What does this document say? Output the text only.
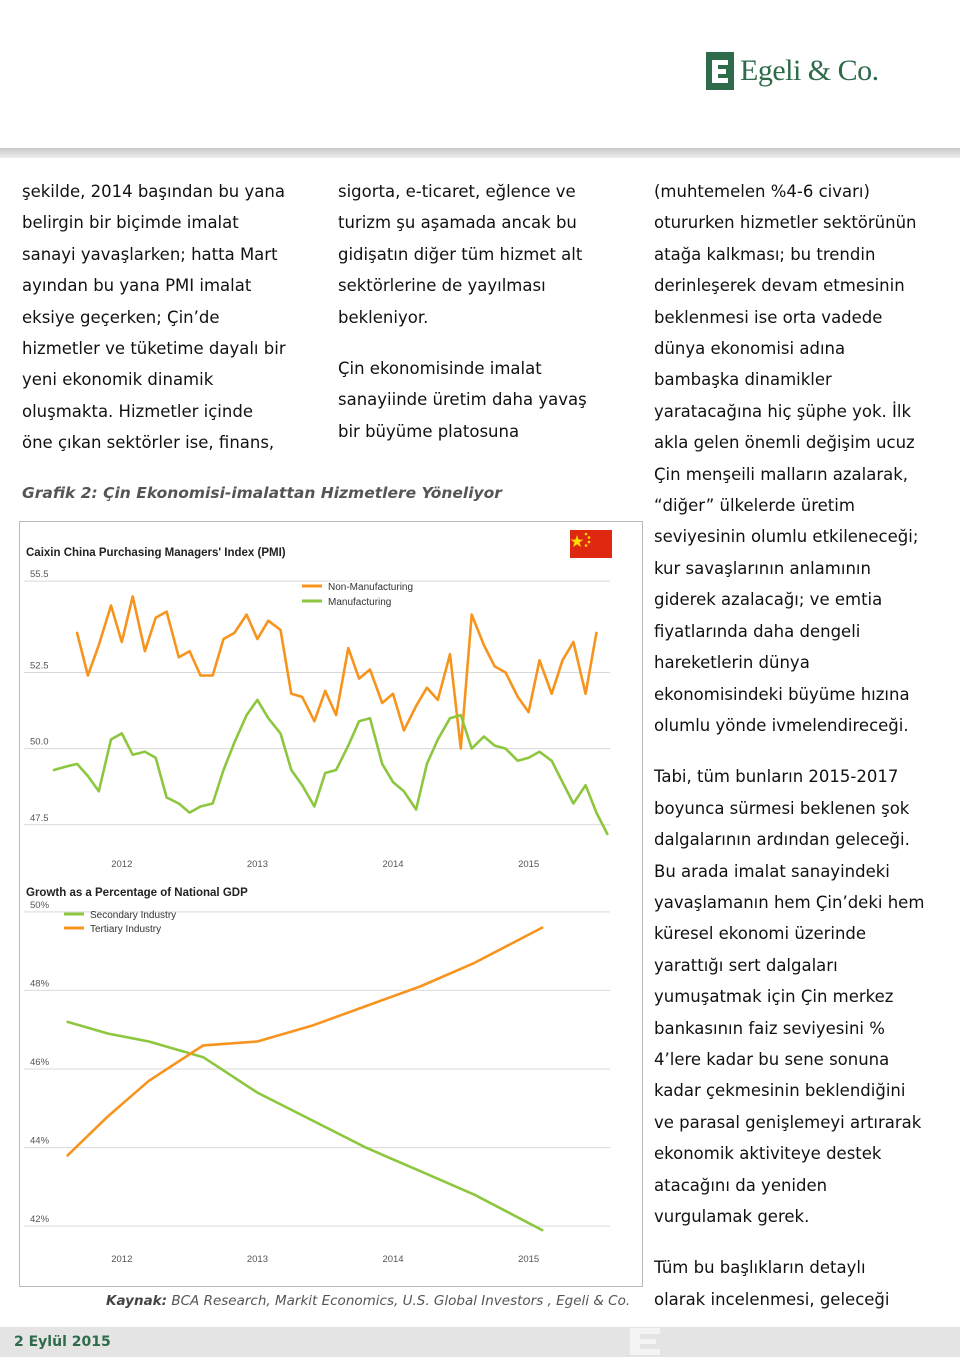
Egeli & Co.

şekilde, 2014 başından bu yana
belirgin bir biçimde imalat
sanayi yavaşlarken; hatta Mart
ayından bu yana PMI imalat
eksiye geçerken; Çin’de
hizmetler ve tüketime dayalı bir
yeni ekonomik dinamik
oluşmakta. Hizmetler içinde
öne çıkan sektörler ise, finans,

sigorta, e-ticaret, eğlence ve
turizm şu aşamada ancak bu
gidişatın diğer tüm hizmet alt
sektörlerine de yayılması
bekleniyor.

Çin ekonomisinde imalat
sanayiinde üretim daha yavaş
bir büyüme platosuna

(muhtemelen %4-6 civarı)
otururken hizmetler sektörünün
atağa kalkması; bu trendin
derinleşerek devam etmesinin
beklenmesi ise orta vadede
dünya ekonomisi adına
bambaşka dinamikler
yaratacağına hiç şüphe yok. İlk
akla gelen önemli değişim ucuz
Çin menşeili malların azalarak,
“diğer” ülkelerde üretim
seviyesinin olumlu etkileneceği;
kur savaşlarının anlamının
giderek azalacağı; ve emtia
fiyatlarında daha dengeli
hareketlerin dünya
ekonomisindeki büyüme hızına
olumlu yönde ivmelendireceği.

Tabi, tüm bunların 2015-2017
boyunca sürmesi beklenen şok
dalgalarının ardından geleceği.
Bu arada imalat sanayindeki
yavaşlamanın hem Çin’deki hem
küresel ekonomi üzerinde
yarattığı sert dalgaları
yumuşatmak için Çin merkez
bankasının faiz seviyesini %
4’lere kadar bu sene sonuna
kadar çekmesinin beklendiğini
ve parasal genişlemeyi artırarak
ekonomik aktiviteye destek
atacağını da yeniden
vurgulamak gerek.

Tüm bu başlıkların detaylı
olarak incelenmesi, geleceği

Grafik 2: Çin Ekonomisi-imalattan Hizmetlere Yöneliyor
Caixin China Purchasing Managers' Index (PMI)
55.5
52.5
50.0
47.5
2012	2013	2014	2015
Non-Manufacturing
Manufacturing
Growth as a Percentage of National GDP
50%
48%
46%
44%
42%
2012	2013	2014	2015
Secondary Industry
Tertiary Industry
Kaynak: BCA Research, Markit Economics, U.S. Global Investors , Egeli & Co.
2 Eylül 2015
